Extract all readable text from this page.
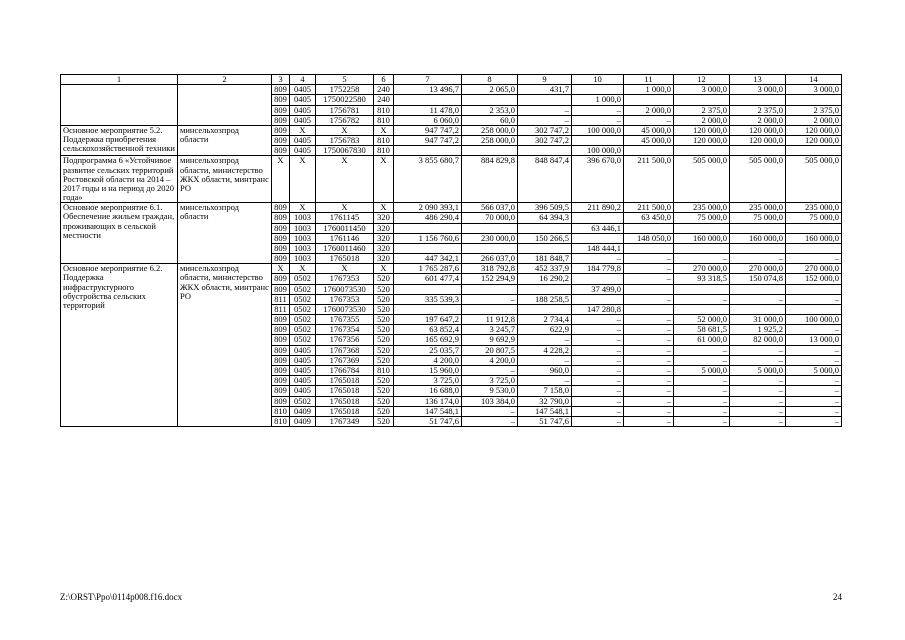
1	2	3	4	5	6	7	8	9	10	11	12	13	14
		809	0405	1752258	240	13 496,7	2 065,0	431,7		1 000,0	3 000,0	3 000,0	3 000,0
		809	0405	1750022580	240				1 000,0				
		809	0405	1756781	810	11 478,0	2 353,0	–	–	2 000,0	2 375,0	2 375,0	2 375,0
		809	0405	1756782	810	6 060,0	60,0	–	–	–	2 000,0	2 000,0	2 000,0
Основное мероприятие 5.2. Поддержка приобретения сельскохозяйственной техники	минсельхозпрод области	809	Х	Х	Х	947 747,2	258 000,0	302 747,2	100 000,0	45 000,0	120 000,0	120 000,0	120 000,0
		809	0405	1756783	810	947 747,2	258 000,0	302 747,2		45 000,0	120 000,0	120 000,0	120 000,0
		809	0405	1750067830	810				100 000,0				
Подпрограмма 6 «Устойчивое развитие сельских территорий Ростовской области на 2014 – 2017 годы и на период до 2020 года»	минсельхозпрод области, министерство ЖКХ области, минтранс РО	Х	Х	Х	Х	3 855 680,7	884 829,8	848 847,4	396 670,0	211 500,0	505 000,0	505 000,0	505 000,0
Основное мероприятие 6.1. Обеспечение жильем граждан, проживающих в сельской местности	минсельхозпрод области	809	Х	Х	Х	2 090 393,1	566 037,0	396 509,5	211 890,2	211 500,0	235 000,0	235 000,0	235 000,0
		809	1003	1761145	320	486 290,4	70 000,0	64 394,3		63 450,0	75 000,0	75 000,0	75 000,0
		809	1003	1760011450	320				63 446,1				
		809	1003	1761146	320	1 156 760,6	230 000,0	150 266,5		148 050,0	160 000,0	160 000,0	160 000,0
		809	1003	1760011460	320				148 444,1				
		809	1003	1765018	320	447 342,1	266 037,0	181 848,7	–	–	–	–	–
Основное мероприятие 6.2. Поддержка инфраструктурного обустройства сельских территорий	минсельхозпрод области, министерство ЖКХ области, минтранс РО	Х	Х	Х	Х	1 765 287,6	318 792,8	452 337,9	184 779,8	–	270 000,0	270 000,0	270 000,0
		809	0502	1767353	520	601 477,4	152 294,9	16 290,2		–	93 318,5	150 074,8	152 000,0
		809	0502	1760073530	520				37 499,0				
		811	0502	1767353	520	335 539,3	–	188 258,5		–	–	–	–
		811	0502	1760073530	520				147 280,8				
		809	0502	1767355	520	197 647,2	11 912,8	2 734,4	–	–	52 000,0	31 000,0	100 000,0
		809	0502	1767354	520	63 852,4	3 245,7	622,9	–	–	58 681,5	1 925,2	–
		809	0502	1767356	520	165 692,9	9 692,9	–	–	–	61 000,0	82 000,0	13 000,0
		809	0405	1767368	520	25 035,7	20 807,5	4 228,2	–	–	–	–	–
		809	0405	1767369	520	4 200,0	4 200,0	–	–	–	–	–	–
		809	0405	1766784	810	15 960,0	–	960,0	–	–	5 000,0	5 000,0	5 000,0
		809	0405	1765018	520	3 725,0	3 725,0	–	–	–	–	–	–
		809	0405	1765018	520	16 688,0	9 530,0	7 158,0	–	–	–	–	–
		809	0502	1765018	520	136 174,0	103 384,0	32 790,0	–	–	–	–	–
		810	0409	1765018	520	147 548,1	–	147 548,1	–	–	–	–	–
		810	0409	1767349	520	51 747,6	–	51 747,6	–	–	–	–	–
Z:\ORST\Ppo\0114p008.f16.docx	24
